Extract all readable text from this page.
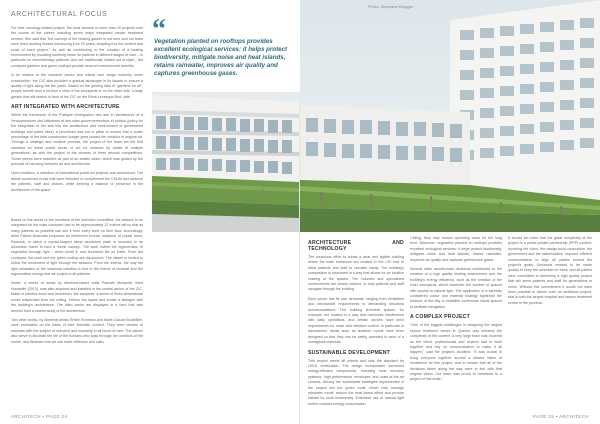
ARCHITECTURAL FOCUS

For their oncology-related project, the local winners in more than 20 projects over the course of the career, including seven major integrated cancer treatment centres. She said that "the concept of the healing garden is not new, and our team have been working toward introducing it for 20 years, adapting it to the context and scale of each project." As well as contributing to the creation of a healing environment by providing soothing views for patients in different stages of care – in particular for chemotherapy patients, who are traditionally hidden out of sight – the courtyard gardens and green rooftops provide several environmental benefits.

In its relation to the research centre and critical care wings currently under construction, the CIC also included a gradual landscape in its facade to ensure a quality of light along the the yards. Based on the guiding idea of "gardens for all", people benefit from a lot from a view of the courtyards or on the other side, a large garden that will stretch in front of the CIC on the René-Lévesque Blvd. side.

ART INTEGRATED WITH ARCHITECTURE

Within the framework of the Politique d'intégration des arts à l'architecture et à l'environnement des bâtiments et des sites gouvernementaux et publics (policy for the integration of the arts into the architecture and environment of government buildings and public sites), a procedure was put in place to ensure that a public percentage of the total construction budget goes toward the creation of original art. Through a strategic and creative process, the project of the team set the first standard for these public works of art, for instance by artists of multiple generations, as with the project of the winners of three artwork competitions. These pieces were selected as part of an artistic vision, which was guided by the principle of harmony between art and architecture.

Upon invitation, a selection of international public art projects was announced. The artists conceived works that were intended to complement the CHUM and address the patients, staff and visitors, while seeking a balance of presence in the architecture of the space.

Based on the works of the members of the selection committee, the artwork to be integrated for the main courtyard had to be approximately 12 metres tall so that as many patients as possible can see it from every level on their floor. Accordingly, artist Patrice Beauvais proposed an immersive bronze sculpture of poplar trees, Essence, in which a crystal-shaped blend aluminium plate is mounted to an aluminium frame to form a 'forest canopy'. The work invites the regeneration of vegetation through light – when worth it, and flourished life on Earth. From the courtyard, the work and the green rooftop are discovered. The viewer is invited to follow the movement of light through the seasons. From the interior, the way the light emanates of the seasonal variation is tied to the theme of renewal and the regeneration energy that we project to all patients.

Inside, a series of works by Montréal-based artist Pascale Montpetit, titled Humanité (2013), was also acquired and installed in the central atrium of the CIC. Made of painted wood and aluminium, the sculpture, a series of three-dimensional works suspended from the ceiling, enliven the space and create a dialogue with the building's architecture. The titled works are displayed in a form that was derived from a careful study of the architecture.

Two other works, by Montréal artists Émilie Rondeau and Marie-Claude Bouthillier, were purchased on the basis of their thematic content. They were chosen to resonate with the subject of research and humanity in all forms of care. The pieces also serve to illustrate the life of the humans who pass through the corridors of the centre, and illustrate how art can invite reflection and calm.

ARCHITECH • PAGE 24
Photo: Stéphane Brugger
ARCHITECTURE AND TECHNOLOGY

The conscious effort to create a clear and legible building where the main entrances are located in the CIC had to allow patients and staff to circulate easily. The building's composition is structured in a way that allows for an intuitive reading of the spaces. The volumes and specialized environments are clearly marked, to help patients and staff navigate through the building.

Each sector has its own demands, ranging from ventilation and mechanical requirements to demanding structural accommodations. The building technical spaces, for example, are located in a way that minimizes interference with daily operations, and certain sectors have strict requirements for noise and vibration control, in particular in laboratories. Areas such as isolation rooms have been designed so that they can be safely operated in case of a contagious outbreak.

SUSTAINABLE DEVELOPMENT

This project meets all criteria and sets the standard for LEED certification. The design incorporates numerous energy-efficient components, including heat recovery systems, high-performance envelopes and state-of-the-art controls. Among the sustainable strategies implemented in the project are the green roofs, which help manage rainwater runoff, reduce the heat island effect and provide habitat for local biodiversity. Extensive use of natural light further reduces energy consumption.

Ceiling, they help reduce operating costs for the long term. Moreover, vegetation planted on rooftops provides excellent ecological services: it helps protect biodiversity, mitigates noise and heat islands, retains rainwater, improves air quality and captures greenhouse gases.

Several other architectural decisions contributed to the creation of a high quality healing environment and the building's energy efficiency, such as the creation of the inner courtyards, which maximize the number of spaces with access to natural light. The application of a carefully considered colour and material strategy tightened the balance of the day to establish continuous visual spaces to facilitate navigation.

A COMPLEX PROJECT

"One of the biggest challenges in designing the largest cancer treatment centre in Quebec was certainly the complexity of the context. A very large team was involved as the client, professionals and experts had to work together and rely on communication to make it all happen," said the project's architect. "It was crucial to bring everyone together around a shared vision of excellence for this project, and to ensure that all of the decisions taken along the way were in line with that original vision. Our team was proud to contribute to a project of this scale."

It should be noted that the great complexity of the project in a public-private partnership (PPP) context, involving the client, the design-build consortium, the government and the stakeholders, required efficient communication to align all parties toward the project's goals. Decisions needed to be made quickly to keep the schedule on track, and all parties were committed to delivering a high quality project that will serve patients and staff for generations to come. Without this commitment it would not have been possible to deliver such an ambitious project, that is both the largest hospital and cancer treatment centre in the province.

PAGE 25 • ARCHITECH
“
Vegetation planted on rooftops provides excellent ecological services: it helps protect biodiversity, mitigate noise and heat islands, retains rainwater, improves air quality and captures greenhouse gases.
